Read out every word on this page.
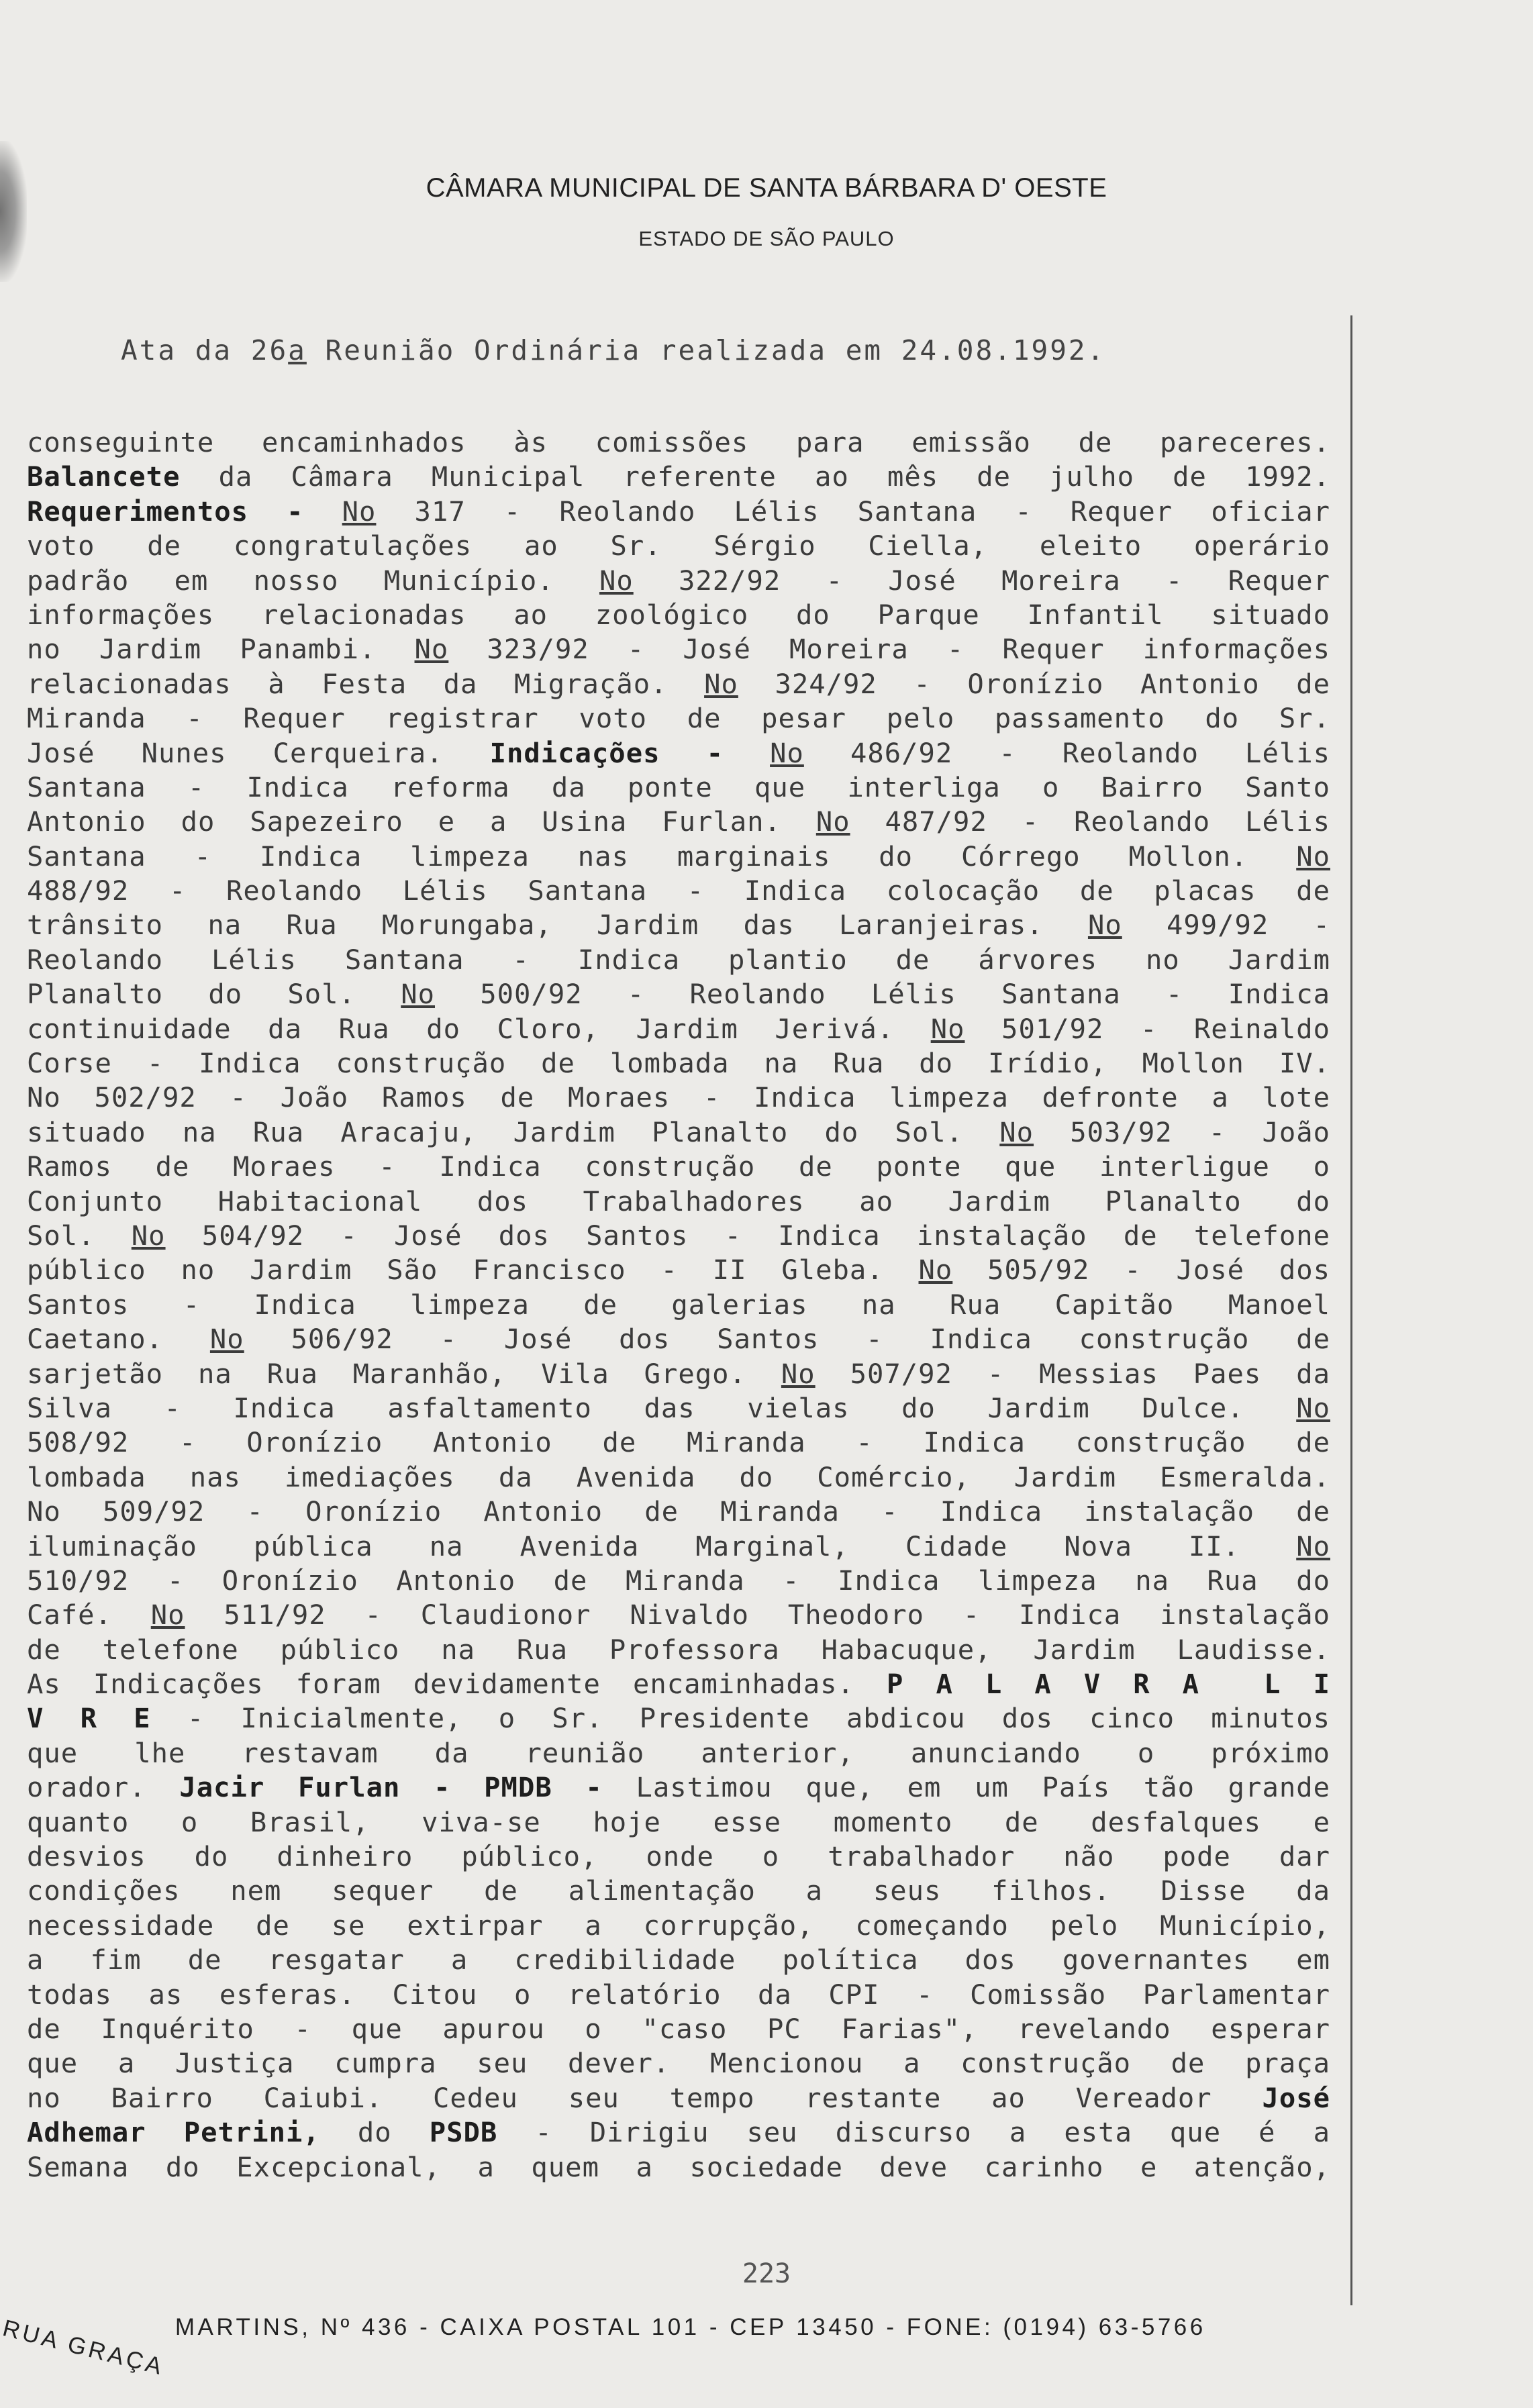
CÂMARA MUNICIPAL DE SANTA BÁRBARA D' OESTE
ESTADO DE SÃO PAULO
Ata da 26a Reunião Ordinária realizada em 24.08.1992.
conseguinte encaminhados às comissões para emissão de pareceres.
Balancete da Câmara Municipal referente ao mês de julho de 1992.
Requerimentos - No 317 - Reolando Lélis Santana - Requer oficiar
voto de congratulações ao Sr. Sérgio Ciella, eleito operário
padrão em nosso Município. No 322/92 - José Moreira - Requer
informações relacionadas ao zoológico do Parque Infantil situado
no Jardim Panambi. No 323/92 - José Moreira - Requer informações
relacionadas à Festa da Migração. No 324/92 - Oronízio Antonio de
Miranda - Requer registrar voto de pesar pelo passamento do Sr.
José Nunes Cerqueira. Indicações - No 486/92 - Reolando Lélis
Santana - Indica reforma da ponte que interliga o Bairro Santo
Antonio do Sapezeiro e a Usina Furlan. No 487/92 - Reolando Lélis
Santana - Indica limpeza nas marginais do Córrego Mollon. No
488/92 - Reolando Lélis Santana - Indica colocação de placas de
trânsito na Rua Morungaba, Jardim das Laranjeiras. No 499/92 -
Reolando Lélis Santana - Indica plantio de árvores no Jardim
Planalto do Sol. No 500/92 - Reolando Lélis Santana - Indica
continuidade da Rua do Cloro, Jardim Jerivá. No 501/92 - Reinaldo
Corse - Indica construção de lombada na Rua do Irídio, Mollon IV.
No 502/92 - João Ramos de Moraes - Indica limpeza defronte a lote
situado na Rua Aracaju, Jardim Planalto do Sol. No 503/92 - João
Ramos de Moraes - Indica construção de ponte que interligue o
Conjunto Habitacional dos Trabalhadores ao Jardim Planalto do
Sol. No 504/92 - José dos Santos - Indica instalação de telefone
público no Jardim São Francisco - II Gleba. No 505/92 - José dos
Santos - Indica limpeza de galerias na Rua Capitão Manoel
Caetano. No 506/92 - José dos Santos - Indica construção de
sarjetão na Rua Maranhão, Vila Grego. No 507/92 - Messias Paes da
Silva - Indica asfaltamento das vielas do Jardim Dulce. No
508/92 - Oronízio Antonio de Miranda - Indica construção de
lombada nas imediações da Avenida do Comércio, Jardim Esmeralda.
No 509/92 - Oronízio Antonio de Miranda - Indica instalação de
iluminação pública na Avenida Marginal, Cidade Nova II. No
510/92 - Oronízio Antonio de Miranda - Indica limpeza na Rua do
Café. No 511/92 - Claudionor Nivaldo Theodoro - Indica instalação
de telefone público na Rua Professora Habacuque, Jardim Laudisse.
As Indicações foram devidamente encaminhadas. P A L A V R A  L I
V R E - Inicialmente, o Sr. Presidente abdicou dos cinco minutos
que lhe restavam da reunião anterior, anunciando o próximo
orador. Jacir Furlan - PMDB - Lastimou que, em um País tão grande
quanto o Brasil, viva-se hoje esse momento de desfalques e
desvios do dinheiro público, onde o trabalhador não pode dar
condições nem sequer de alimentação a seus filhos. Disse da
necessidade de se extirpar a corrupção, começando pelo Município,
a fim de resgatar a credibilidade política dos governantes em
todas as esferas. Citou o relatório da CPI - Comissão Parlamentar
de Inquérito - que apurou o "caso PC Farias", revelando esperar
que a Justiça cumpra seu dever. Mencionou a construção de praça
no Bairro Caiubi. Cedeu seu tempo restante ao Vereador José
Adhemar Petrini, do PSDB - Dirigiu seu discurso a esta que é a
Semana do Excepcional, a quem a sociedade deve carinho e atenção,
223
RUA GRAÇA MARTINS, Nº 436 - CAIXA POSTAL 101 - CEP 13450 - FONE: (0194) 63-5766
